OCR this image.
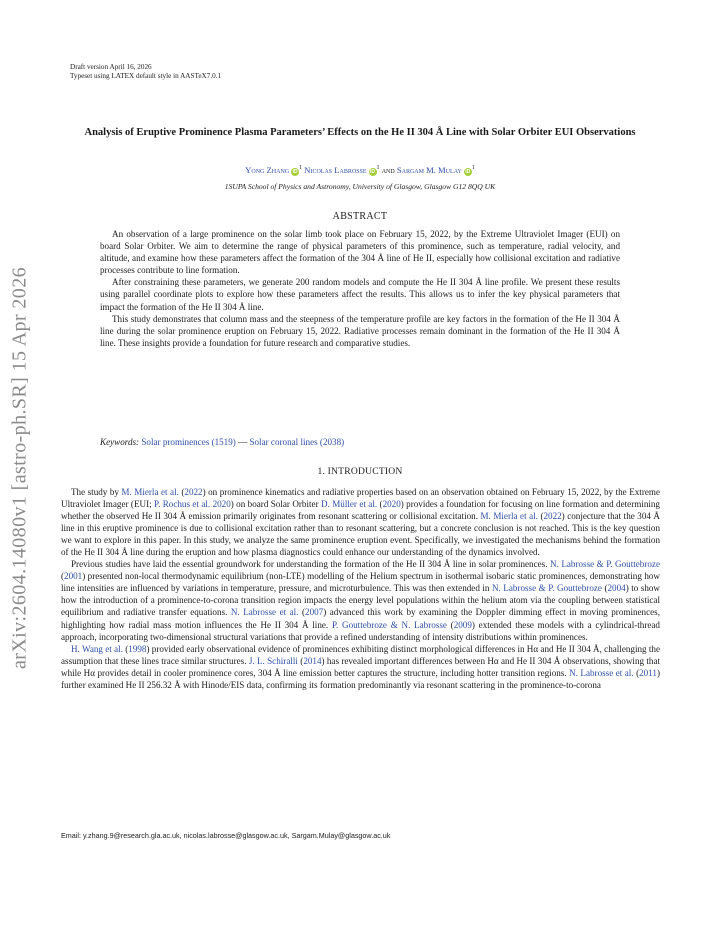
arXiv:2604.14080v1 [astro-ph.SR] 15 Apr 2026
Draft version April 16, 2026
Typeset using LATEX default style in AASTeX7.0.1
Analysis of Eruptive Prominence Plasma Parameters’ Effects on the He II 304 Å Line with Solar Orbiter EUI Observations
Yong Zhang $iD^1$ Nicolas Labrosse $iD^1$ and Sargam M. Mulay $iD^1$
1SUPA School of Physics and Astronomy, University of Glasgow, Glasgow G12 8QQ UK
ABSTRACT

An observation of a large prominence on the solar limb took place on February 15, 2022, by the Extreme Ultraviolet Imager (EUI) on board Solar Orbiter. We aim to determine the range of physical parameters of this prominence, such as temperature, radial velocity, and altitude, and examine how these parameters affect the formation of the 304 Å line of He II, especially how collisional excitation and radiative processes contribute to line formation.

After constraining these parameters, we generate 200 random models and compute the He II 304 Å line profile. We present these results using parallel coordinate plots to explore how these parameters affect the results. This allows us to infer the key physical parameters that impact the formation of the He II 304 Å line.

This study demonstrates that column mass and the steepness of the temperature profile are key factors in the formation of the He II 304 Å line during the solar prominence eruption on February 15, 2022. Radiative processes remain dominant in the formation of the He II 304 Å line. These insights provide a foundation for future research and comparative studies.

Keywords: Solar prominences (1519) — Solar coronal lines (2038)
1. INTRODUCTION

The study by M. Mierla et al. (2022) on prominence kinematics and radiative properties based on an observation obtained on February 15, 2022, by the Extreme Ultraviolet Imager (EUI; P. Rochus et al. 2020) on board Solar Orbiter D. Müller et al. (2020) provides a foundation for focusing on line formation and determining whether the observed He II 304 Å emission primarily originates from resonant scattering or collisional excitation. M. Mierla et al. (2022) conjecture that the 304 Å line in this eruptive prominence is due to collisional excitation rather than to resonant scattering, but a concrete conclusion is not reached. This is the key question we want to explore in this paper. In this study, we analyze the same prominence eruption event. Specifically, we investigated the mechanisms behind the formation of the He II 304 Å line during the eruption and how plasma diagnostics could enhance our understanding of the dynamics involved.

Previous studies have laid the essential groundwork for understanding the formation of the He II 304 Å line in solar prominences. N. Labrosse & P. Gouttebroze (2001) presented non-local thermodynamic equilibrium (non-LTE) modelling of the Helium spectrum in isothermal isobaric static prominences, demonstrating how line intensities are influenced by variations in temperature, pressure, and microturbulence. This was then extended in N. Labrosse & P. Gouttebroze (2004) to show how the introduction of a prominence-to-corona transition region impacts the energy level populations within the helium atom via the coupling between statistical equilibrium and radiative transfer equations. N. Labrosse et al. (2007) advanced this work by examining the Doppler dimming effect in moving prominences, highlighting how radial mass motion influences the He II 304 Å line. P. Gouttebroze & N. Labrosse (2009) extended these models with a cylindrical-thread approach, incorporating two-dimensional structural variations that provide a refined understanding of intensity distributions within prominences.

H. Wang et al. (1998) provided early observational evidence of prominences exhibiting distinct morphological differences in Hα and He II 304 Å, challenging the assumption that these lines trace similar structures. J. L. Schiralli (2014) has revealed important differences between Hα and He II 304 Å observations, showing that while Hα provides detail in cooler prominence cores, 304 Å line emission better captures the structure, including hotter transition regions. N. Labrosse et al. (2011) further examined He II 256.32 Å with Hinode/EIS data, confirming its formation predominantly via resonant scattering in the prominence-to-corona

Email: y.zhang.9@research.gla.ac.uk, nicolas.labrosse@glasgow.ac.uk, Sargam.Mulay@glasgow.ac.uk
